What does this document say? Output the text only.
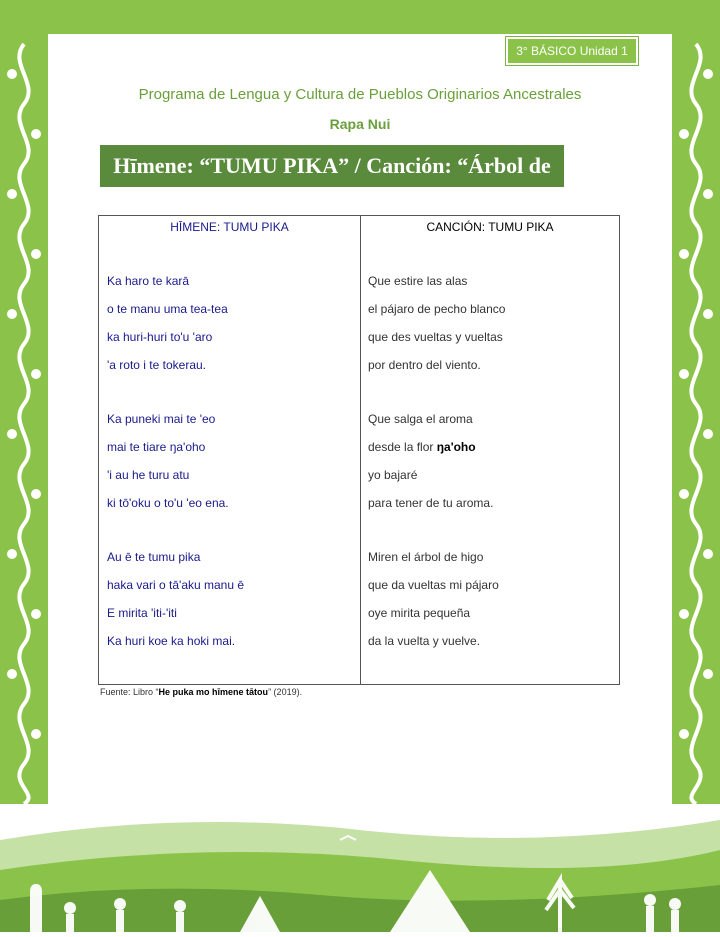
3° BÁSICO Unidad 1
Programa de Lengua y Cultura de Pueblos Originarios Ancestrales
Rapa Nui
Hīmene: “TUMU PIKA” / Canción: “Árbol de Higo”
HĪMENE: TUMU PIKA
Ka haro te karā
o te manu uma tea-tea
ka huri-huri to'u 'aro
'a roto i te tokerau.
Ka puneki mai te 'eo
mai te tiare ŋa'oho
'i au he turu atu
ki tō'oku o to'u 'eo ena.
Au ē te tumu pika
haka vari o tā'aku manu ē
E mirita 'iti-'iti
Ka huri koe ka hoki mai.
CANCIÓN: TUMU PIKA
Que estire las alas
el pájaro de pecho blanco
que des vueltas y vueltas
por dentro del viento.
Que salga el aroma
desde la flor ŋa'oho
yo bajaré
para tener de tu aroma.
Miren el árbol de higo
que da vueltas mi pájaro
oye mirita pequeña
da la vuelta y vuelve.
Fuente: Libro “He puka mo hīmene tātou” (2019).
